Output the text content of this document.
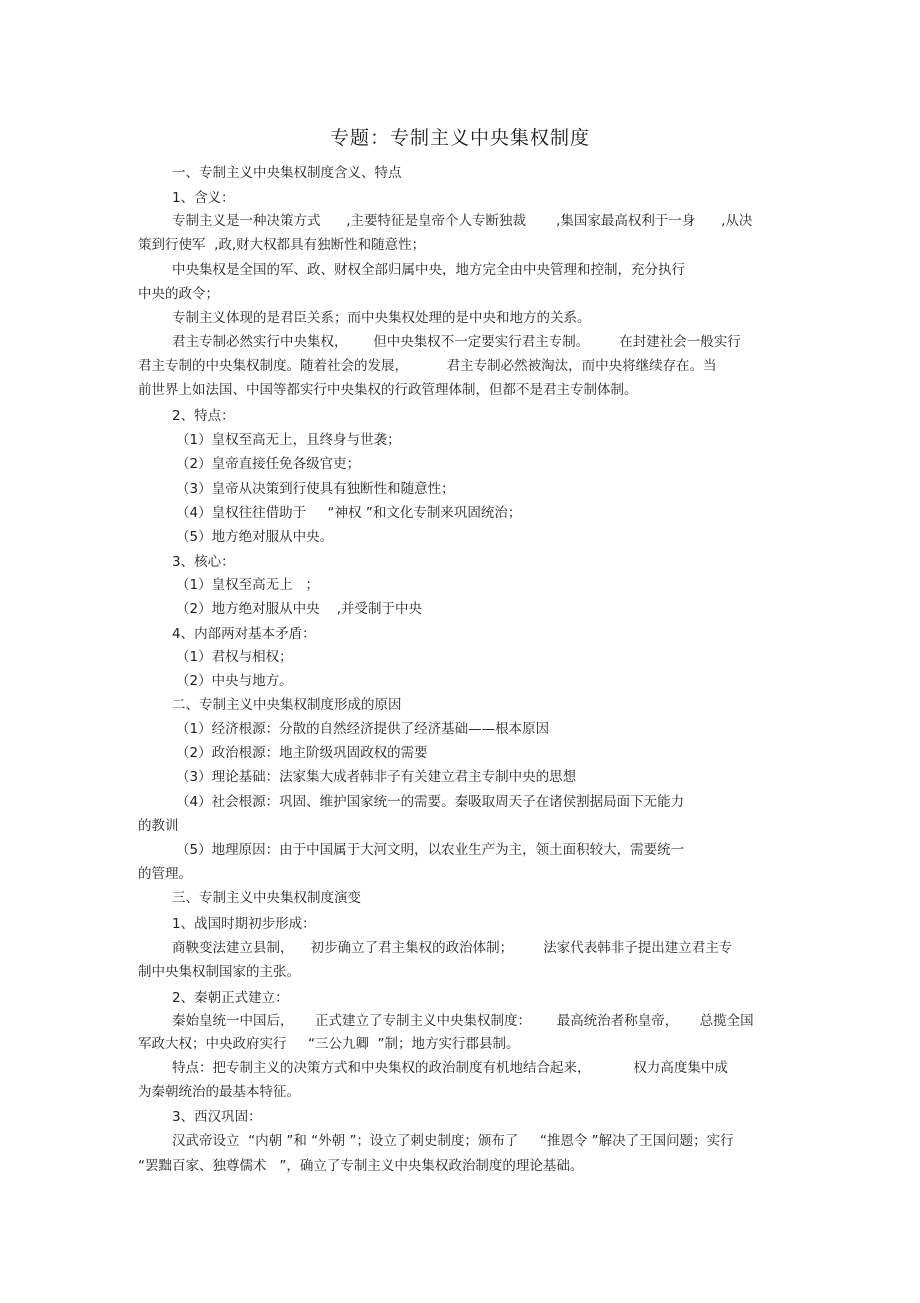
专题：专制主义中央集权制度
一、专制主义中央集权制度含义、特点
1、含义：
专制主义是一种决策方式      ,主要特征是皇帝个人专断独裁       ,集国家最高权利于一身      ,从决
策到行使军  ,政,财大权都具有独断性和随意性；
中央集权是全国的军、政、财权全部归属中央，地方完全由中央管理和控制，充分执行
中央的政令；
专制主义体现的是君臣关系；而中央集权处理的是中央和地方的关系。
君主专制必然实行中央集权，      但中央集权不一定要实行君主专制。       在封建社会一般实行
君主专制的中央集权制度。随着社会的发展，         君主专制必然被淘汰，而中央将继续存在。当
前世界上如法国、中国等都实行中央集权的行政管理体制，但都不是君主专制体制。
2、特点：
（1）皇权至高无上，且终身与世袭；
（2）皇帝直接任免各级官吏；
（3）皇帝从决策到行使具有独断性和随意性；
（4）皇权往往借助于     “神权 ”和文化专制来巩固统治；
（5）地方绝对服从中央。
3、核心：
（1）皇权至高无上   ；
（2）地方绝对服从中央    ,并受制于中央
4、内部两对基本矛盾：
（1）君权与相权；
（2）中央与地方。
二、专制主义中央集权制度形成的原因
（1）经济根源：分散的自然经济提供了经济基础——根本原因
（2）政治根源：地主阶级巩固政权的需要
（3）理论基础：法家集大成者韩非子有关建立君主专制中央的思想
（4）社会根源：巩固、维护国家统一的需要。秦吸取周天子在诸侯割据局面下无能力
的教训
（5）地理原因：由于中国属于大河文明，以农业生产为主，领土面积较大，需要统一
的管理。
三、专制主义中央集权制度演变
1、战国时期初步形成：
商鞅变法建立县制，    初步确立了君主集权的政治体制；       法家代表韩非子提出建立君主专
制中央集权制国家的主张。
2、秦朝正式建立：
秦始皇统一中国后，     正式建立了专制主义中央集权制度：      最高统治者称皇帝，     总揽全国
军政大权；中央政府实行     “三公九卿  ”制；地方实行郡县制。
特点：把专制主义的决策方式和中央集权的政治制度有机地结合起来，          权力高度集中成
为秦朝统治的最基本特征。
3、西汉巩固：
汉武帝设立  “内朝 ”和 “外朝 ”；设立了刺史制度；颁布了     “推恩令 ”解决了王国问题；实行
“罢黜百家、独尊儒术   ”，确立了专制主义中央集权政治制度的理论基础。
